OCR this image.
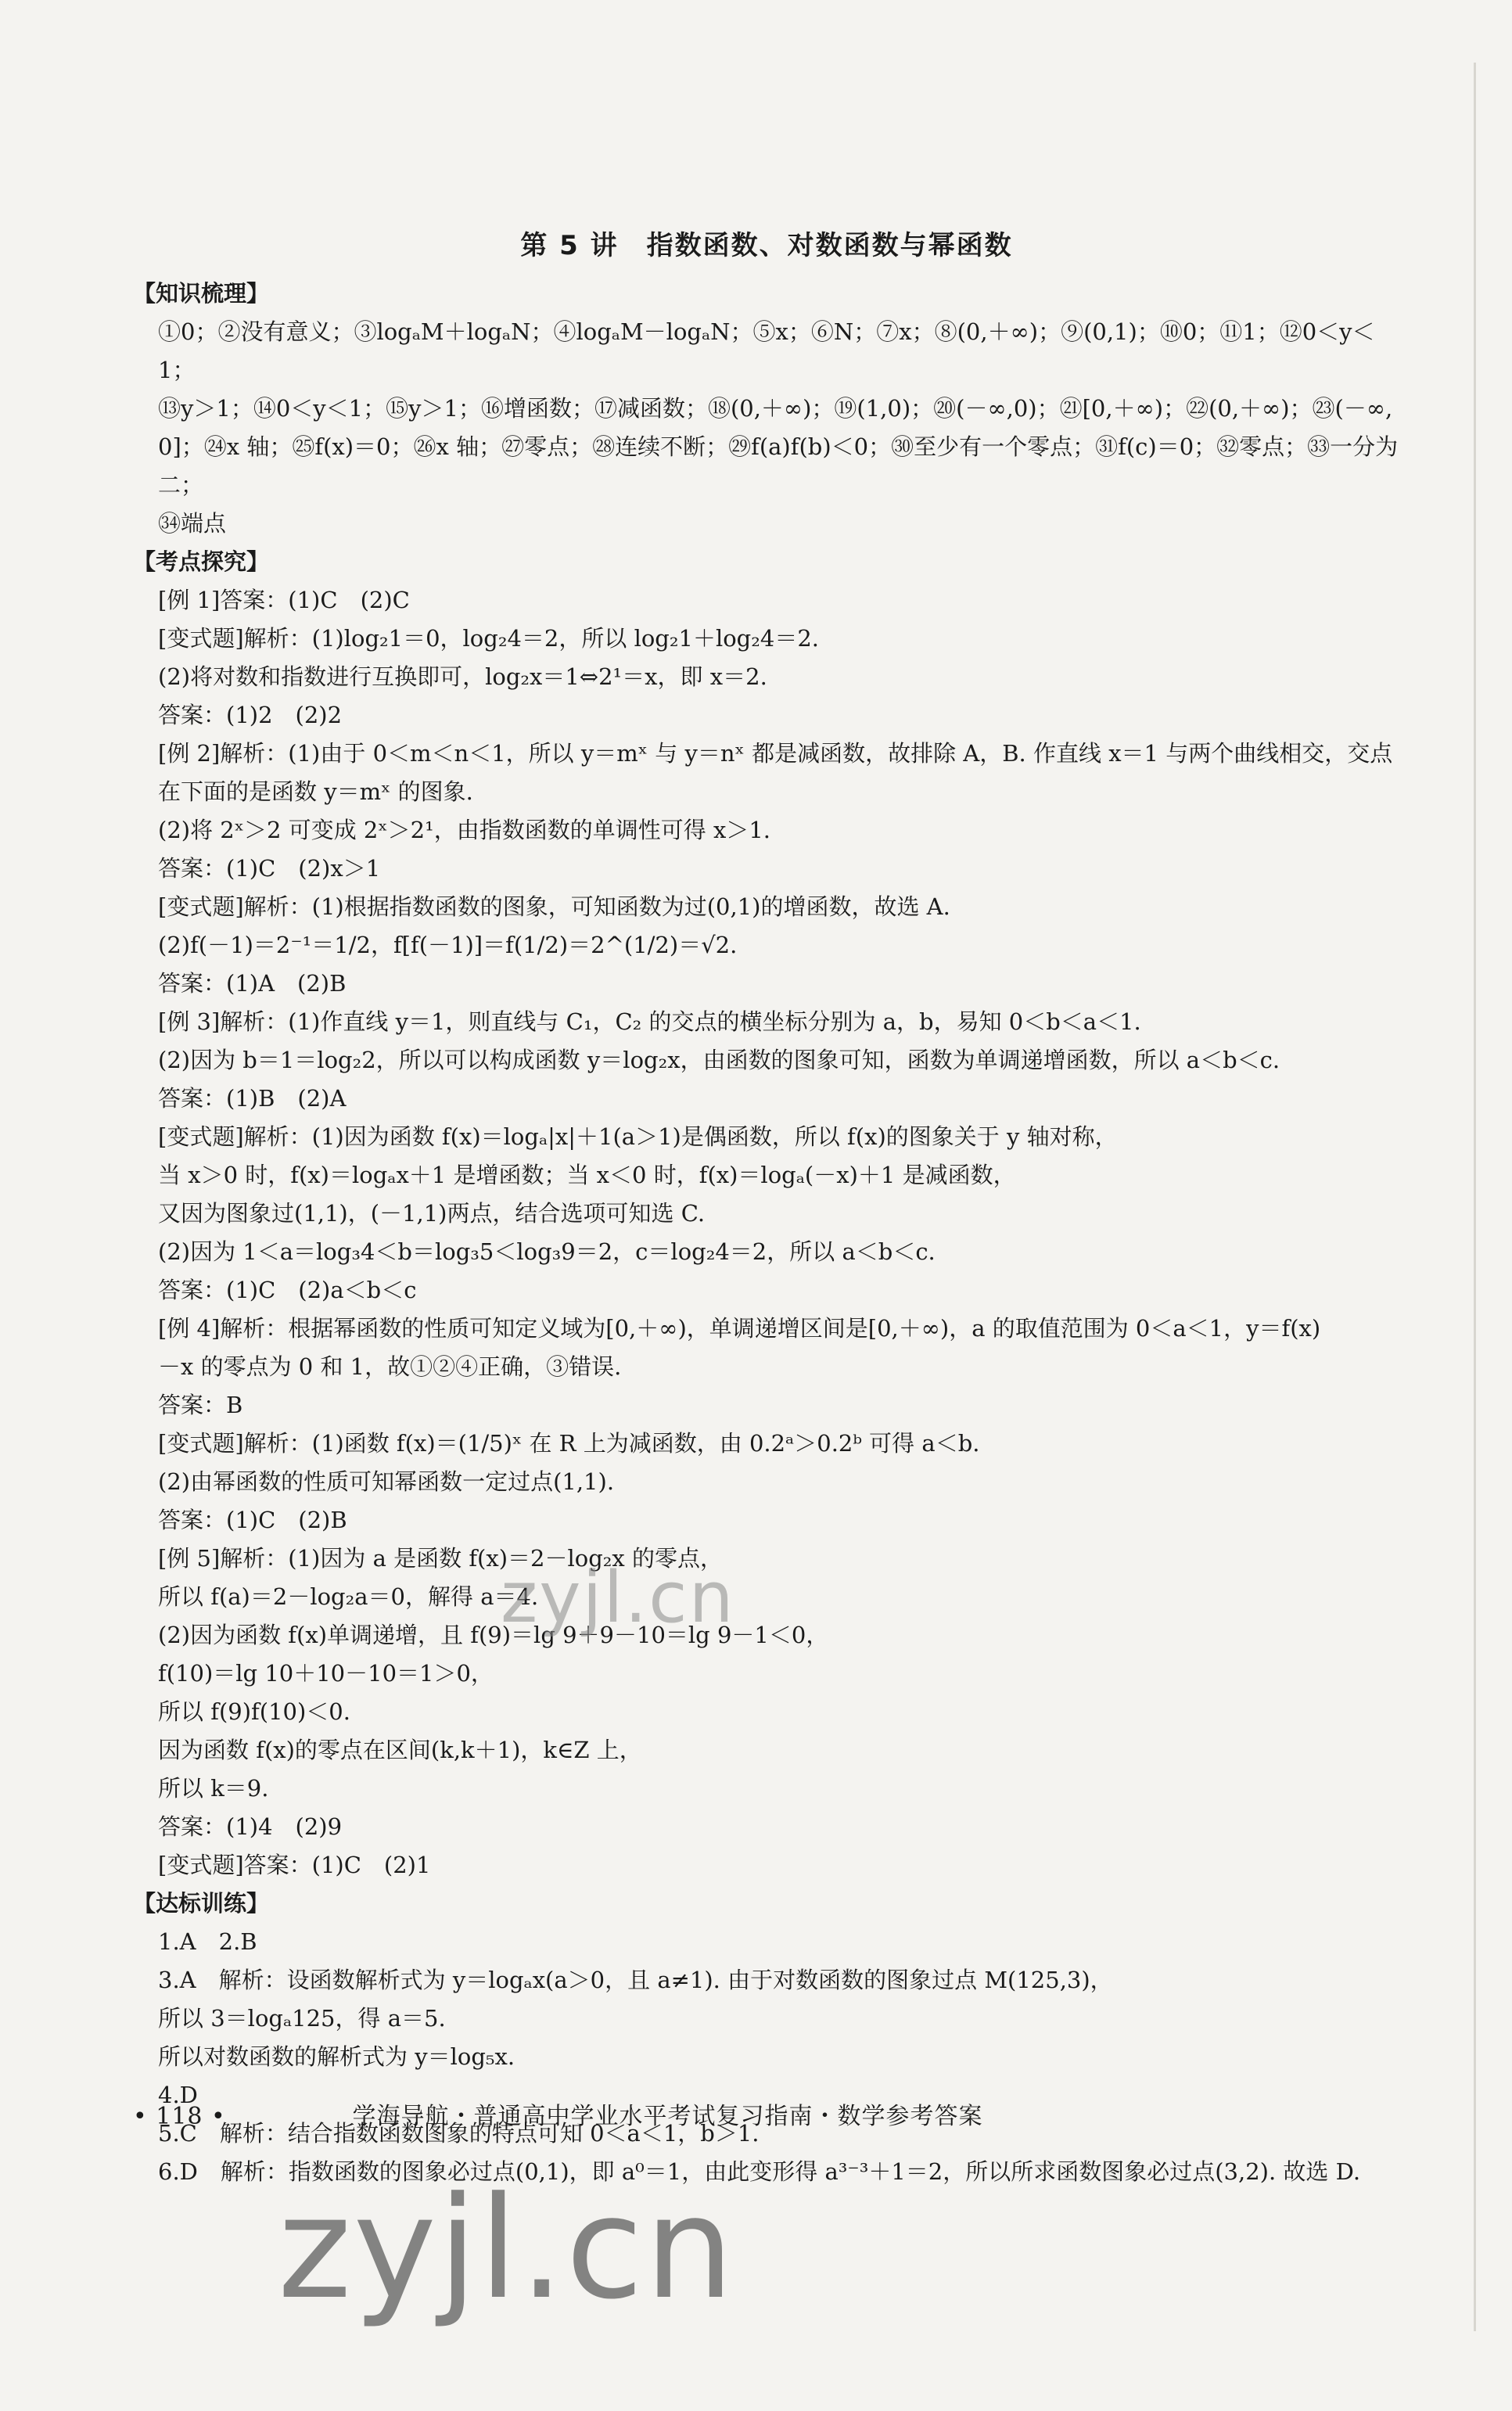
第 5 讲　指数函数、对数函数与幂函数
【知识梳理】
①0；②没有意义；③logₐM＋logₐN；④logₐM－logₐN；⑤x；⑥N；⑦x；⑧(0,＋∞)；⑨(0,1)；⑩0；⑪1；⑫0＜y＜1；
⑬y＞1；⑭0＜y＜1；⑮y＞1；⑯增函数；⑰减函数；⑱(0,＋∞)；⑲(1,0)；⑳(－∞,0)；㉑[0,＋∞)；㉒(0,＋∞)；㉓(－∞,
0]；㉔x 轴；㉕f(x)＝0；㉖x 轴；㉗零点；㉘连续不断；㉙f(a)f(b)＜0；㉚至少有一个零点；㉛f(c)＝0；㉜零点；㉝一分为二；
㉞端点
【考点探究】
[例 1]答案：(1)C　(2)C
[变式题]解析：(1)log₂1＝0，log₂4＝2，所以 log₂1＋log₂4＝2.
(2)将对数和指数进行互换即可，log₂x＝1⇔2¹＝x，即 x＝2.
答案：(1)2　(2)2
[例 2]解析：(1)由于 0＜m＜n＜1，所以 y＝mˣ 与 y＝nˣ 都是减函数，故排除 A，B. 作直线 x＝1 与两个曲线相交，交点
在下面的是函数 y＝mˣ 的图象.
(2)将 2ˣ＞2 可变成 2ˣ＞2¹，由指数函数的单调性可得 x＞1.
答案：(1)C　(2)x＞1
[变式题]解析：(1)根据指数函数的图象，可知函数为过(0,1)的增函数，故选 A.
(2)f(－1)＝2⁻¹＝1/2，f[f(－1)]＝f(1/2)＝2^(1/2)＝√2.
答案：(1)A　(2)B
[例 3]解析：(1)作直线 y＝1，则直线与 C₁，C₂ 的交点的横坐标分别为 a，b，易知 0＜b＜a＜1.
(2)因为 b＝1＝log₂2，所以可以构成函数 y＝log₂x，由函数的图象可知，函数为单调递增函数，所以 a＜b＜c.
答案：(1)B　(2)A
[变式题]解析：(1)因为函数 f(x)＝logₐ|x|＋1(a＞1)是偶函数，所以 f(x)的图象关于 y 轴对称，
当 x＞0 时，f(x)＝logₐx＋1 是增函数；当 x＜0 时，f(x)＝logₐ(－x)＋1 是减函数，
又因为图象过(1,1)，(－1,1)两点，结合选项可知选 C.
(2)因为 1＜a＝log₃4＜b＝log₃5＜log₃9＝2，c＝log₂4＝2，所以 a＜b＜c.
答案：(1)C　(2)a＜b＜c
[例 4]解析：根据幂函数的性质可知定义域为[0,＋∞)，单调递增区间是[0,＋∞)，a 的取值范围为 0＜a＜1，y＝f(x)
－x 的零点为 0 和 1，故①②④正确，③错误.
答案：B
[变式题]解析：(1)函数 f(x)＝(1/5)ˣ 在 R 上为减函数，由 0.2ᵃ＞0.2ᵇ 可得 a＜b.
(2)由幂函数的性质可知幂函数一定过点(1,1).
答案：(1)C　(2)B
[例 5]解析：(1)因为 a 是函数 f(x)＝2－log₂x 的零点，
所以 f(a)＝2－log₂a＝0，解得 a＝4.
(2)因为函数 f(x)单调递增，且 f(9)＝lg 9＋9－10＝lg 9－1＜0，
f(10)＝lg 10＋10－10＝1＞0，
所以 f(9)f(10)＜0.
因为函数 f(x)的零点在区间(k,k＋1)，k∈Z 上，
所以 k＝9.
答案：(1)4　(2)9
[变式题]答案：(1)C　(2)1
【达标训练】
1.A　2.B
3.A　解析：设函数解析式为 y＝logₐx(a＞0，且 a≠1). 由于对数函数的图象过点 M(125,3)，
所以 3＝logₐ125，得 a＝5.
所以对数函数的解析式为 y＝log₅x.
4.D
5.C　解析：结合指数函数图象的特点可知 0＜a＜1，b＞1.
6.D　解析：指数函数的图象必过点(0,1)，即 a⁰＝1，由此变形得 a³⁻³＋1＝2，所以所求函数图象必过点(3,2). 故选 D.
• 118 •	学海导航・普通高中学业水平考试复习指南・数学参考答案
zyjl.cn
zyjl.cn
